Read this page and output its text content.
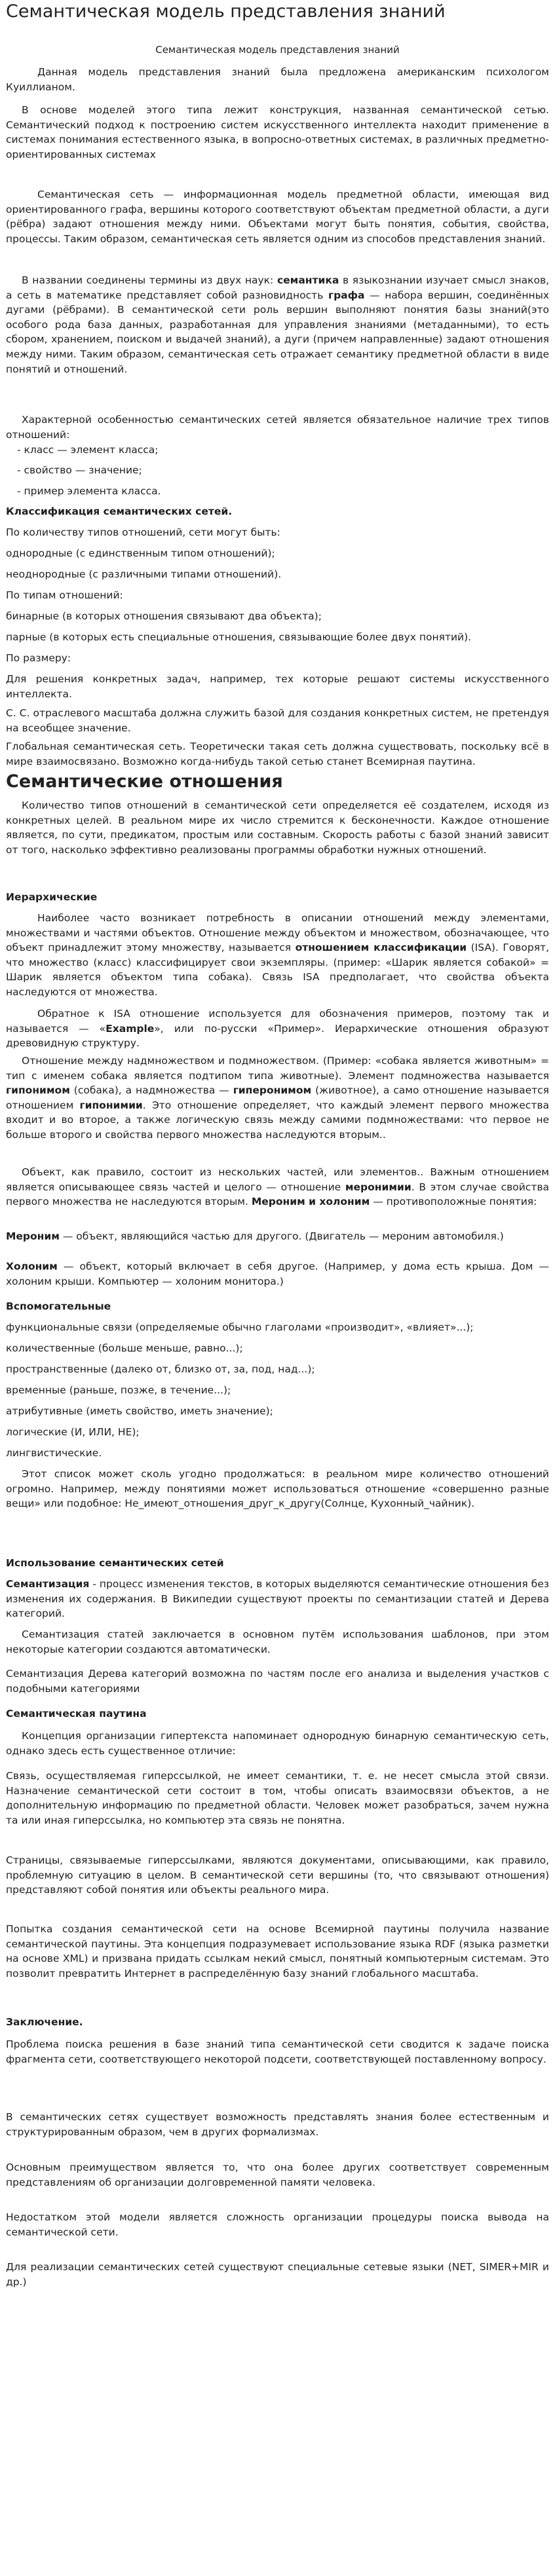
Семантическая модель представления знаний
Семантическая модель представления знаний
Данная модель представления знаний была предложена американским психологом Куиллианом.
В основе моделей этого типа лежит конструкция, названная семантической сетью. Семантический подход к построению систем искусственного интеллекта находит применение в системах понимания естественного языка, в вопросно-ответных системах, в различных предметно-ориентированных системах
Семантическая сеть — информационная модель предметной области, имеющая вид ориентированного графа, вершины которого соответствуют объектам предметной области, а дуги (рёбра) задают отношения между ними. Объектами могут быть понятия, события, свойства, процессы. Таким образом, семантическая сеть является одним из способов представления знаний.
В названии соединены термины из двух наук: семантика в языкознании изучает смысл знаков, а сеть в математике представляет собой разновидность графа — набора вершин, соединённых дугами (рёбрами). В семантической сети роль вершин выполняют понятия базы знаний(это особого рода база данных, разработанная для управления знаниями (метаданными), то есть сбором, хранением, поиском и выдачей знаний), а дуги (причем направленные) задают отношения между ними. Таким образом, семантическая сеть отражает семантику предметной области в виде понятий и отношений.
Характерной особенностью семантических сетей является обязательное наличие трех типов отношений:
- класс — элемент класса;
- свойство — значение;
- пример элемента класса.
Классификация семантических сетей.
По количеству типов отношений, сети могут быть:
однородные (с единственным типом отношений);
неоднородные (с различными типами отношений).
По типам отношений:
бинарные (в которых отношения связывают два объекта);
парные (в которых есть специальные отношения, связывающие более двух понятий).
По размеру:
Для решения конкретных задач, например, тех которые решают системы искусственного интеллекта.
С. С. отраслевого масштаба должна служить базой для создания конкретных систем, не претендуя на всеобщее значение.
Глобальная семантическая сеть. Теоретически такая сеть должна существовать, поскольку всё в мире взаимосвязано. Возможно когда-нибудь такой сетью станет Всемирная паутина.
Семантические отношения
Количество типов отношений в семантической сети определяется её создателем, исходя из конкретных целей. В реальном мире их число стремится к бесконечности. Каждое отношение является, по сути, предикатом, простым или составным. Скорость работы с базой знаний зависит от того, насколько эффективно реализованы программы обработки нужных отношений.
Иерархические
Наиболее часто возникает потребность в описании отношений между элементами, множествами и частями объектов. Отношение между объектом и множеством, обозначающее, что объект принадлежит этому множеству, называется отношением классификации (ISA). Говорят, что множество (класс) классифицирует свои экземпляры. (пример: «Шарик является собакой» = Шарик является объектом типа собака). Связь ISA предполагает, что свойства объекта наследуются от множества.
Обратное к ISA отношение используется для обозначения примеров, поэтому так и называется — «Example», или по-русски «Пример». Иерархические отношения образуют древовидную структуру.
Отношение между надмножеством и подмножеством. (Пример: «собака является животным» = тип с именем собака является подтипом типа животные). Элемент подмножества называется гипонимом (собака), а надмножества — гиперонимом (животное), а само отношение называется отношением гипонимии. Это отношение определяет, что каждый элемент первого множества входит и во второе, а также логическую связь между самими подмножествами: что первое не больше второго и свойства первого множества наследуются вторым..
Объект, как правило, состоит из нескольких частей, или элементов.. Важным отношением является описывающее связь частей и целого — отношение меронимии. В этом случае свойства первого множества не наследуются вторым. Мероним и холоним — противоположные понятия:
Мероним — объект, являющийся частью для другого. (Двигатель — мероним автомобиля.)
Холоним — объект, который включает в себя другое. (Например, у дома есть крыша. Дом — холоним крыши. Компьютер — холоним монитора.)
Вспомогательные
функциональные связи (определяемые обычно глаголами «производит», «влияет»...);
количественные (больше меньше, равно...);
пространственные (далеко от, близко от, за, под, над...);
временные (раньше, позже, в течение...);
атрибутивные (иметь свойство, иметь значение);
логические (И, ИЛИ, НЕ);
лингвистические.
Этот список может сколь угодно продолжаться: в реальном мире количество отношений огромно. Например, между понятиями может использоваться отношение «совершенно разные вещи» или подобное: Не_имеют_отношения_друг_к_другу(Солнце, Кухонный_чайник).
Использование семантических сетей
Семантизация - процесс изменения текстов, в которых выделяются семантические отношения без изменения их содержания. В Википедии существуют проекты по семантизации статей и Дерева категорий.
Семантизация статей заключается в основном путём использования шаблонов, при этом некоторые категории создаются автоматически.
Семантизация Дерева категорий возможна по частям после его анализа и выделения участков с подобными категориями
Семантическая паутина
Концепция организации гипертекста напоминает однородную бинарную семантическую сеть, однако здесь есть существенное отличие:
Связь, осуществляемая гиперссылкой, не имеет семантики, т. е. не несет смысла этой связи. Назначение семантической сети состоит в том, чтобы описать взаимосвязи объектов, а не дополнительную информацию по предметной области. Человек может разобраться, зачем нужна та или иная гиперссылка, но компьютер эта связь не понятна.
Страницы, связываемые гиперссылками, являются документами, описывающими, как правило, проблемную ситуацию в целом. В семантической сети вершины (то, что связывают отношения) представляют собой понятия или объекты реального мира.
Попытка создания семантической сети на основе Всемирной паутины получила название семантической паутины. Эта концепция подразумевает использование языка RDF (языка разметки на основе XML) и призвана придать ссылкам некий смысл, понятный компьютерным системам. Это позволит превратить Интернет в распределённую базу знаний глобального масштаба.
Заключение.
Проблема поиска решения в базе знаний типа семантической сети сводится к задаче поиска фрагмента сети, соответствующего некоторой подсети, соответствующей поставленному вопросу.
В семантических сетях существует возможность представлять знания более естественным и структурированным образом, чем в других формализмах.
Основным преимуществом является то, что она более других соответствует современным представлениям об организации долговременной памяти человека.
Недостатком этой модели является сложность организации процедуры поиска вывода на семантической сети.
Для реализации семантических сетей существуют специальные сетевые языки (NET, SIMER+MIR и др.)
